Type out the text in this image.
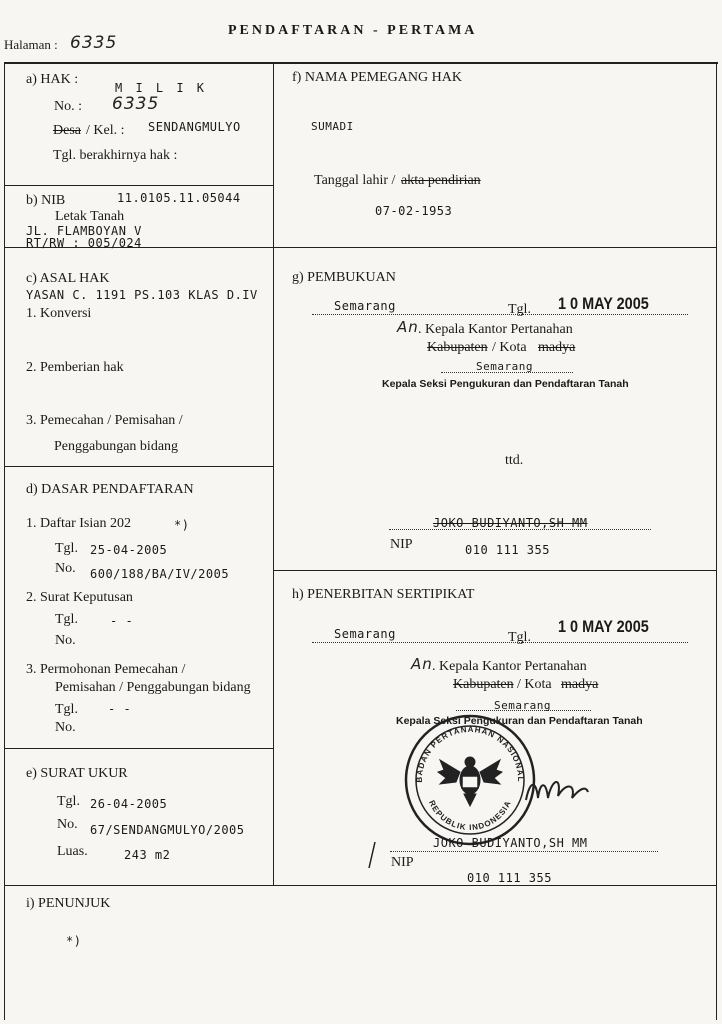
PENDAFTARAN - PERTAMA
Halaman : 6335
a) HAK :
M I L I K
No. : 6335
Desa / Kel. : SENDANGMULYO
Tgl. berakhirnya hak :
b) NIB	11.0105.11.05044
Letak Tanah
JL. FLAMBOYAN V
RT/RW : 005/024
c) ASAL HAK
YASAN C. 1191 PS.103 KLAS D.IV
1. Konversi
2. Pemberian hak
3. Pemecahan / Pemisahan /
Penggabungan bidang
d) DASAR PENDAFTARAN
1. Daftar Isian 202	*)
Tgl. 25-04-2005
No. 600/188/BA/IV/2005
2. Surat Keputusan
Tgl.	- -
No.
3. Permohonan Pemecahan /
Pemisahan / Penggabungan bidang
Tgl.	- -
No.
e) SURAT UKUR
Tgl. 26-04-2005
No. 67/SENDANGMULYO/2005
Luas.	243 m2
f) NAMA PEMEGANG HAK
SUMADI
Tanggal lahir / akta pendirian
07-02-1953
g) PEMBUKUAN
Semarang	Tgl. 1 0 MAY 2005
An . Kepala Kantor Pertanahan
Kabupaten / Kota madya
Semarang
Kepala Seksi Pengukuran dan Pendaftaran Tanah
ttd.
JOKO BUDIYANTO,SH MM
NIP	010 111 355
h) PENERBITAN SERTIPIKAT
Semarang	Tgl.
1 0 MAY 2005
An . Kepala Kantor Pertanahan
Kabupaten / Kota madya
Semarang
Kepala Seksi Pengukuran dan Pendaftaran Tanah
BADAN PERTANAHAN NASIONAL
REPUBLIK INDONESIA
JOKO BUDIYANTO,SH MM
NIP
010 111 355
i) PENUNJUK
*)
